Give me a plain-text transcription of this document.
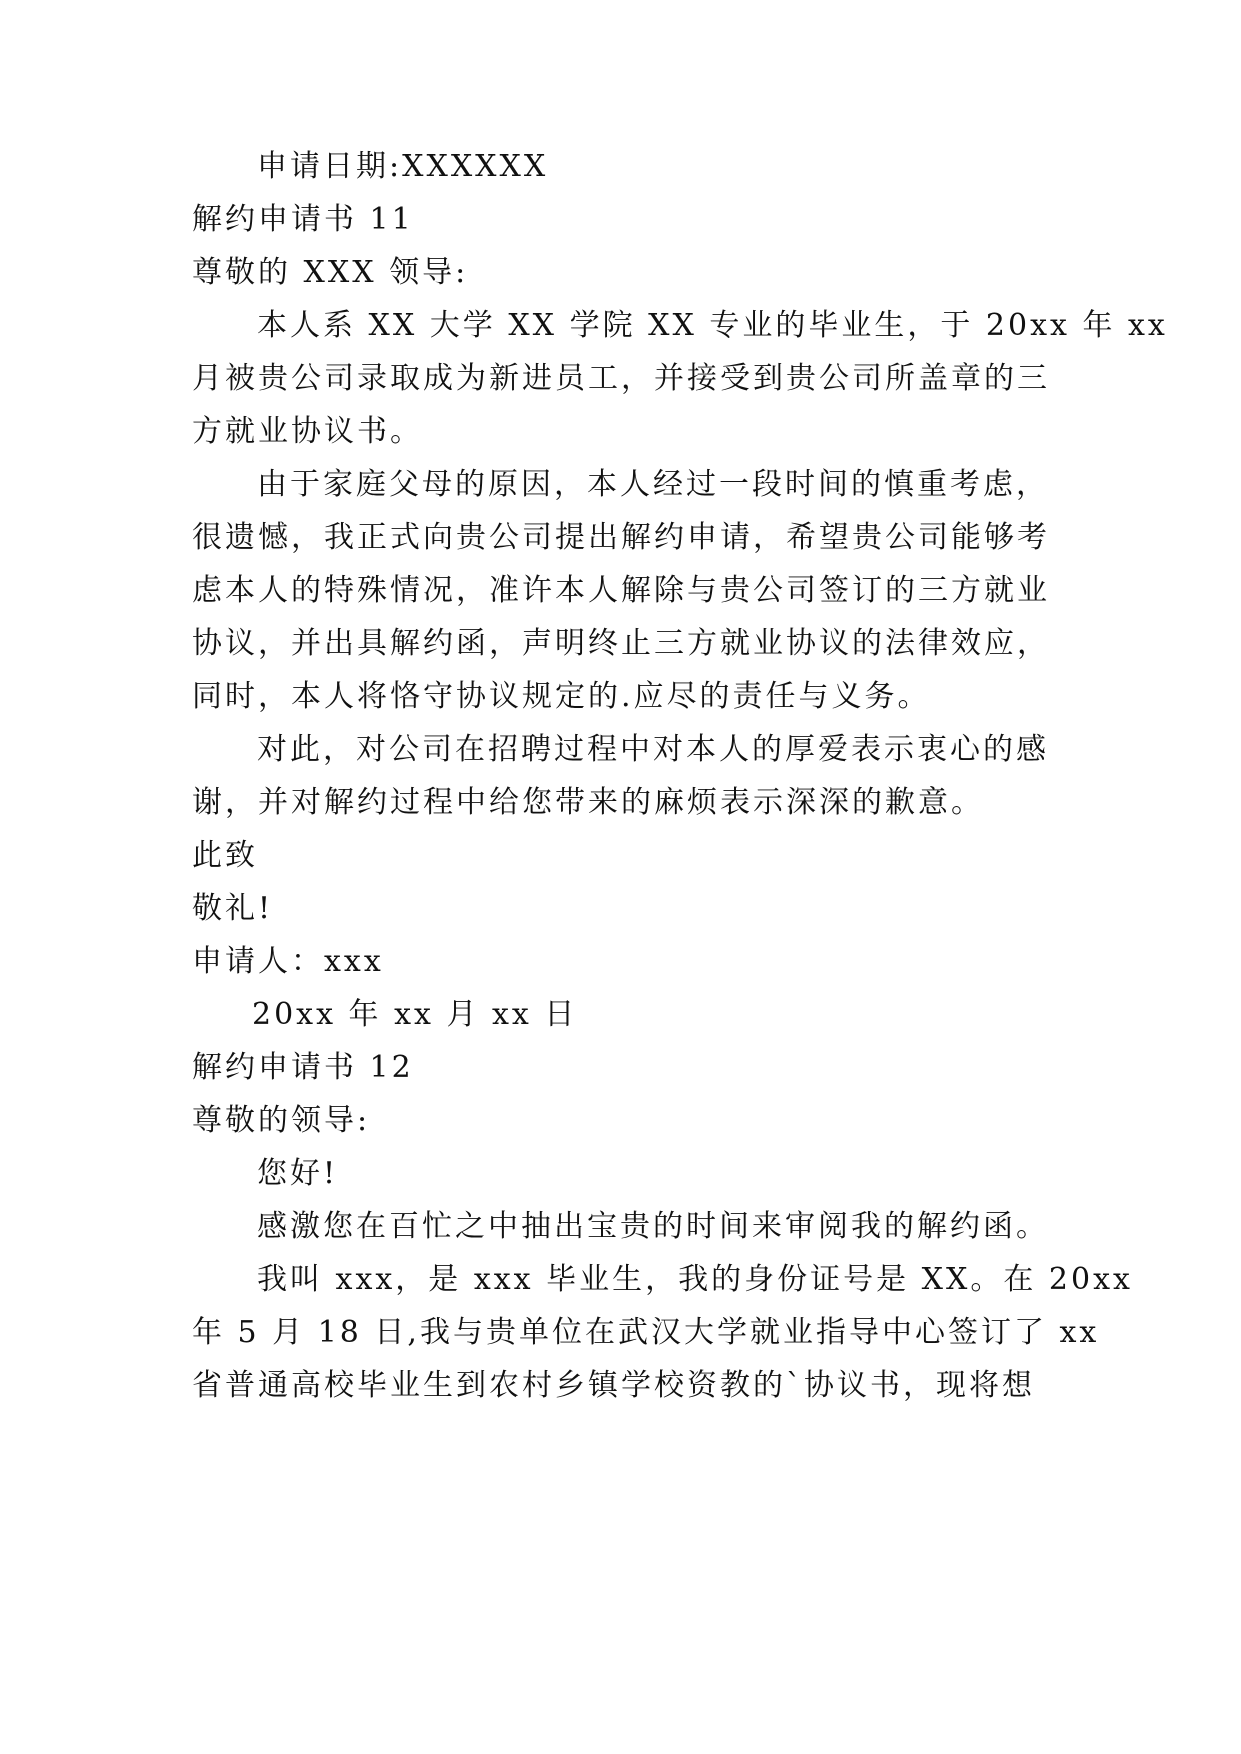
申请日期:XXXXXX
解约申请书 11
尊敬的 XXX 领导:
本人系 XX 大学 XX 学院 XX 专业的毕业生，于 20xx 年 xx
月被贵公司录取成为新进员工，并接受到贵公司所盖章的三
方就业协议书。
由于家庭父母的原因，本人经过一段时间的慎重考虑，
很遗憾，我正式向贵公司提出解约申请，希望贵公司能够考
虑本人的特殊情况，准许本人解除与贵公司签订的三方就业
协议，并出具解约函，声明终止三方就业协议的法律效应，
同时，本人将恪守协议规定的.应尽的责任与义务。
对此，对公司在招聘过程中对本人的厚爱表示衷心的感
谢，并对解约过程中给您带来的麻烦表示深深的歉意。
此致
敬礼!
申请人：xxx
20xx 年 xx 月 xx 日
解约申请书 12
尊敬的领导:
您好!
感激您在百忙之中抽出宝贵的时间来审阅我的解约函。
我叫 xxx，是 xxx 毕业生，我的身份证号是 XX。在 20xx
年 5 月 18 日,我与贵单位在武汉大学就业指导中心签订了 xx
省普通高校毕业生到农村乡镇学校资教的`协议书，现将想
